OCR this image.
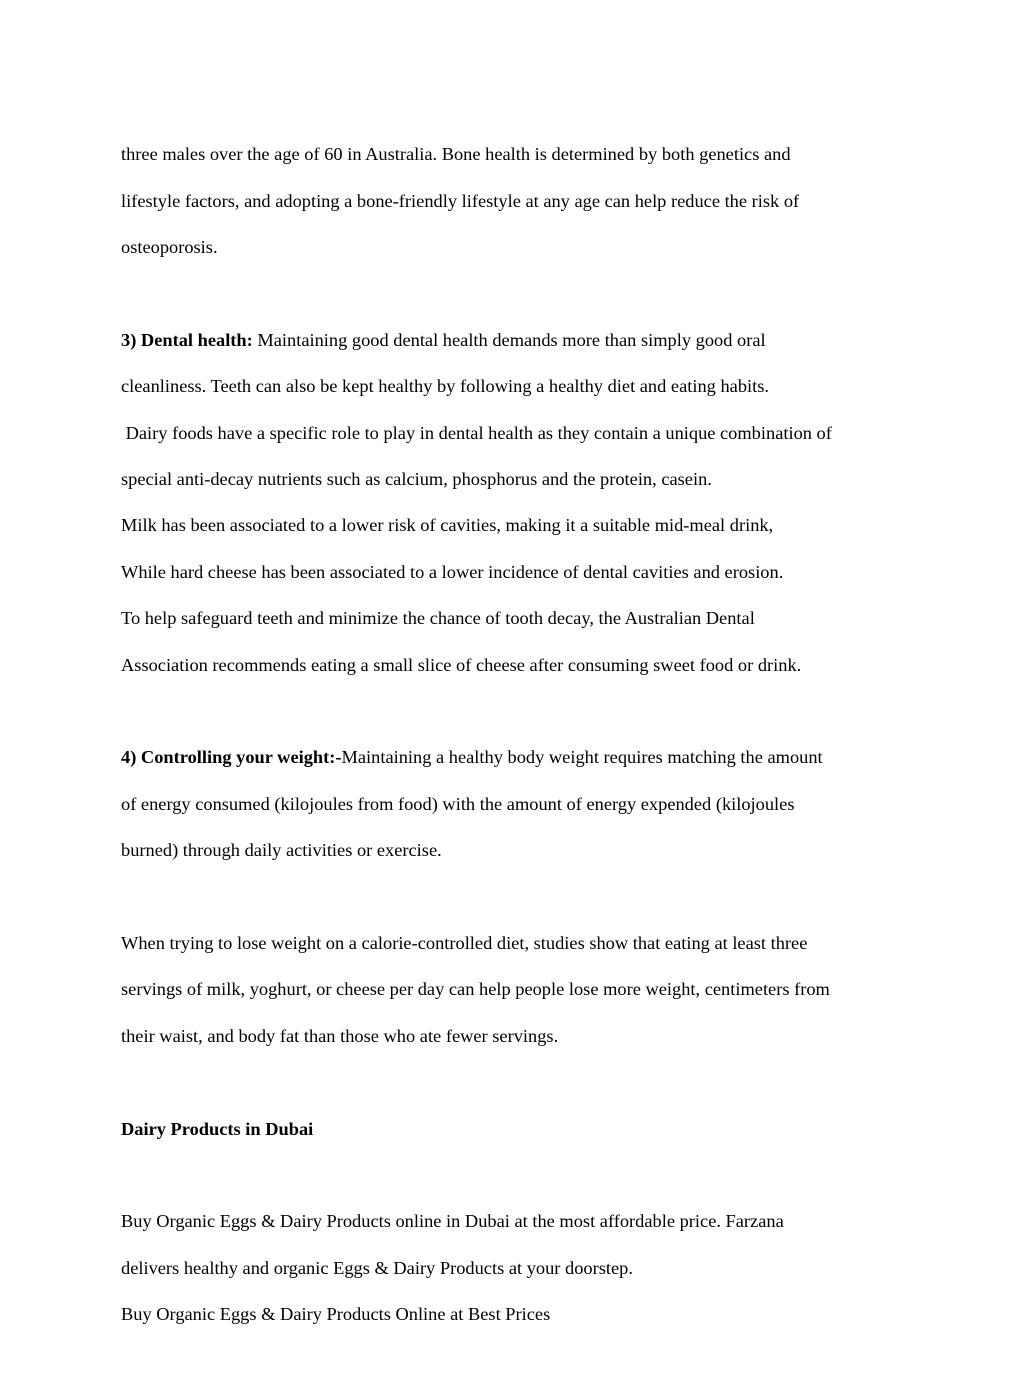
three males over the age of 60 in Australia. Bone health is determined by both genetics and

lifestyle factors, and adopting a bone-friendly lifestyle at any age can help reduce the risk of

osteoporosis.

3) Dental health: Maintaining good dental health demands more than simply good oral

cleanliness. Teeth can also be kept healthy by following a healthy diet and eating habits.

Dairy foods have a specific role to play in dental health as they contain a unique combination of

special anti-decay nutrients such as calcium, phosphorus and the protein, casein.

Milk has been associated to a lower risk of cavities, making it a suitable mid-meal drink,

While hard cheese has been associated to a lower incidence of dental cavities and erosion.

To help safeguard teeth and minimize the chance of tooth decay, the Australian Dental

Association recommends eating a small slice of cheese after consuming sweet food or drink.

4) Controlling your weight:-Maintaining a healthy body weight requires matching the amount

of energy consumed (kilojoules from food) with the amount of energy expended (kilojoules

burned) through daily activities or exercise.

When trying to lose weight on a calorie-controlled diet, studies show that eating at least three

servings of milk, yoghurt, or cheese per day can help people lose more weight, centimeters from

their waist, and body fat than those who ate fewer servings.

Dairy Products in Dubai

Buy Organic Eggs & Dairy Products online in Dubai at the most affordable price. Farzana

delivers healthy and organic Eggs & Dairy Products at your doorstep.

Buy Organic Eggs & Dairy Products Online at Best Prices
